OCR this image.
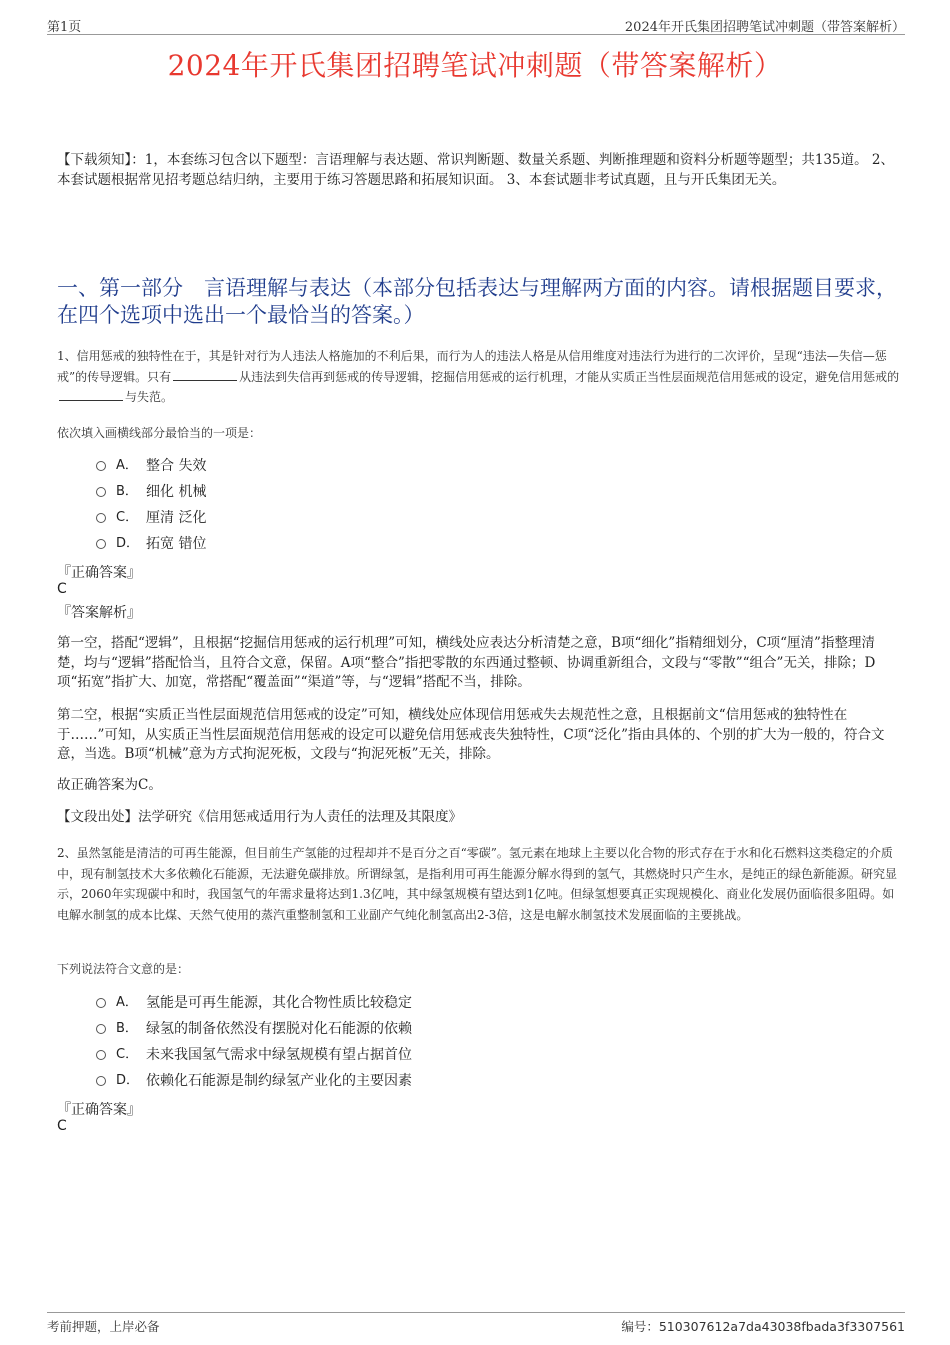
第1页	2024年开氏集团招聘笔试冲刺题（带答案解析）
2024年开氏集团招聘笔试冲刺题（带答案解析）
【下载须知】：1，本套练习包含以下题型：言语理解与表达题、常识判断题、数量关系题、判断推理题和资料分析题等题型；共135道。 2、本套试题根据常见招考题总结归纳，主要用于练习答题思路和拓展知识面。 3、本套试题非考试真题，且与开氏集团无关。
一、第一部分　言语理解与表达（本部分包括表达与理解两方面的内容。请根据题目要求，在四个选项中选出一个最恰当的答案。）
1、信用惩戒的独特性在于，其是针对行为人违法人格施加的不利后果，而行为人的违法人格是从信用维度对违法行为进行的二次评价，呈现“违法—失信—惩戒”的传导逻辑。只有	从违法到失信再到惩戒的传导逻辑，挖掘信用惩戒的运行机理，才能从实质正当性层面规范信用惩戒的设定，避免信用惩戒的与失范。
依次填入画横线部分最恰当的一项是：
A． 整合 失效
B． 细化 机械
C． 厘清 泛化
D． 拓宽 错位
『正确答案』
C
『答案解析』
第一空，搭配“逻辑”，且根据“挖掘信用惩戒的运行机理”可知，横线处应表达分析清楚之意，B项“细化”指精细划分，C项“厘清”指整理清楚，均与“逻辑”搭配恰当，且符合文意，保留。A项“整合”指把零散的东西通过整顿、协调重新组合，文段与“零散”“组合”无关，排除；D项“拓宽”指扩大、加宽，常搭配“覆盖面”“渠道”等，与“逻辑”搭配不当，排除。
第二空，根据“实质正当性层面规范信用惩戒的设定”可知，横线处应体现信用惩戒失去规范性之意，且根据前文“信用惩戒的独特性在于……”可知，从实质正当性层面规范信用惩戒的设定可以避免信用惩戒丧失独特性，C项“泛化”指由具体的、个别的扩大为一般的，符合文意，当选。B项“机械”意为方式拘泥死板，文段与“拘泥死板”无关，排除。
故正确答案为C。
【文段出处】法学研究《信用惩戒适用行为人责任的法理及其限度》
2、虽然氢能是清洁的可再生能源，但目前生产氢能的过程却并不是百分之百“零碳”。氢元素在地球上主要以化合物的形式存在于水和化石燃料这类稳定的介质中，现有制氢技术大多依赖化石能源，无法避免碳排放。所谓绿氢，是指利用可再生能源分解水得到的氢气，其燃烧时只产生水，是纯正的绿色新能源。研究显示，2060年实现碳中和时，我国氢气的年需求量将达到1.3亿吨，其中绿氢规模有望达到1亿吨。但绿氢想要真正实现规模化、商业化发展仍面临很多阻碍。如电解水制氢的成本比煤、天然气使用的蒸汽重整制氢和工业副产气纯化制氢高出2-3倍，这是电解水制氢技术发展面临的主要挑战。
下列说法符合文意的是：
A． 氢能是可再生能源，其化合物性质比较稳定
B． 绿氢的制备依然没有摆脱对化石能源的依赖
C． 未来我国氢气需求中绿氢规模有望占据首位
D． 依赖化石能源是制约绿氢产业化的主要因素
『正确答案』
C
考前押题，上岸必备	编号：510307612a7da43038fbada3f3307561
